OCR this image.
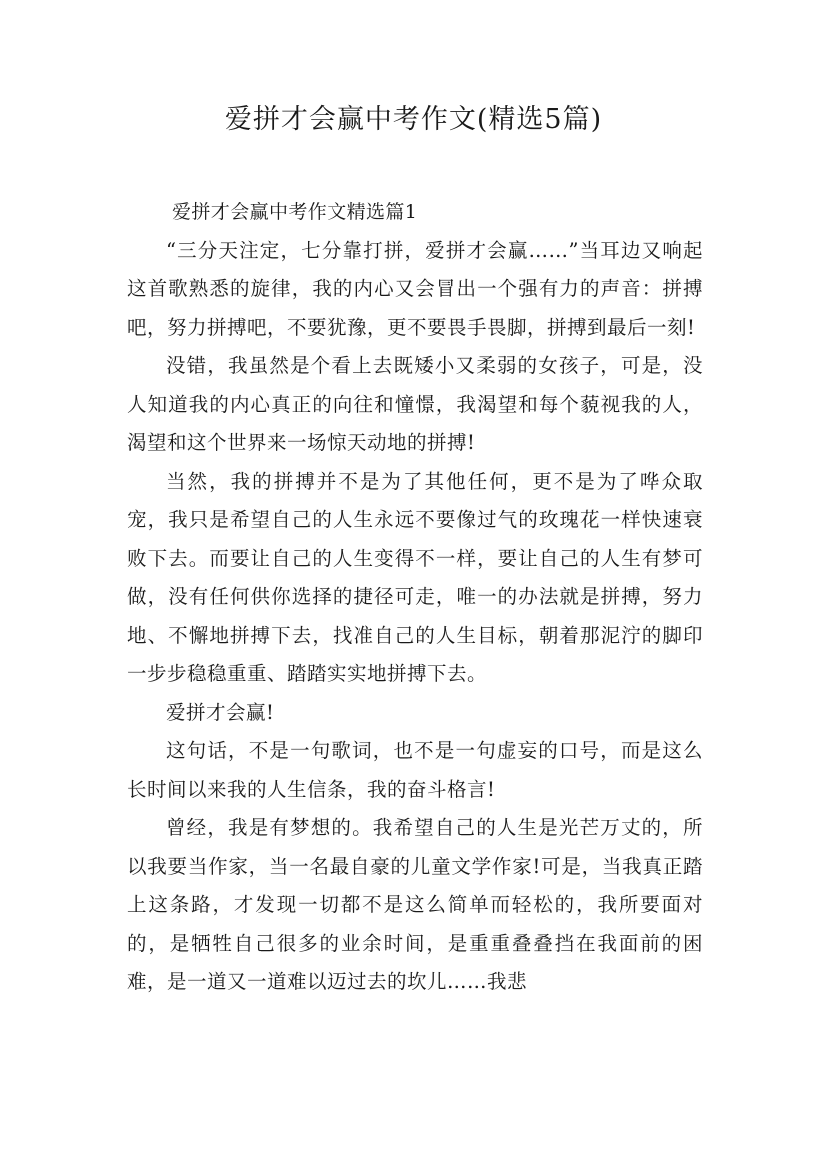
爱拼才会赢中考作文(精选5篇)
爱拼才会赢中考作文精选篇1

“三分天注定，七分靠打拼，爱拼才会赢……”当耳边又响起这首歌熟悉的旋律，我的内心又会冒出一个强有力的声音：拼搏吧，努力拼搏吧，不要犹豫，更不要畏手畏脚，拼搏到最后一刻!

没错，我虽然是个看上去既矮小又柔弱的女孩子，可是，没人知道我的内心真正的向往和憧憬，我渴望和每个藐视我的人，渴望和这个世界来一场惊天动地的拼搏!

当然，我的拼搏并不是为了其他任何，更不是为了哗众取宠，我只是希望自己的人生永远不要像过气的玫瑰花一样快速衰败下去。而要让自己的人生变得不一样，要让自己的人生有梦可做，没有任何供你选择的捷径可走，唯一的办法就是拼搏，努力地、不懈地拼搏下去，找准自己的人生目标，朝着那泥泞的脚印一步步稳稳重重、踏踏实实地拼搏下去。

爱拼才会赢!

这句话，不是一句歌词，也不是一句虚妄的口号，而是这么长时间以来我的人生信条，我的奋斗格言!

曾经，我是有梦想的。我希望自己的人生是光芒万丈的，所以我要当作家，当一名最自豪的儿童文学作家!可是，当我真正踏上这条路，才发现一切都不是这么简单而轻松的，我所要面对的，是牺牲自己很多的业余时间，是重重叠叠挡在我面前的困难，是一道又一道难以迈过去的坎儿……我悲
